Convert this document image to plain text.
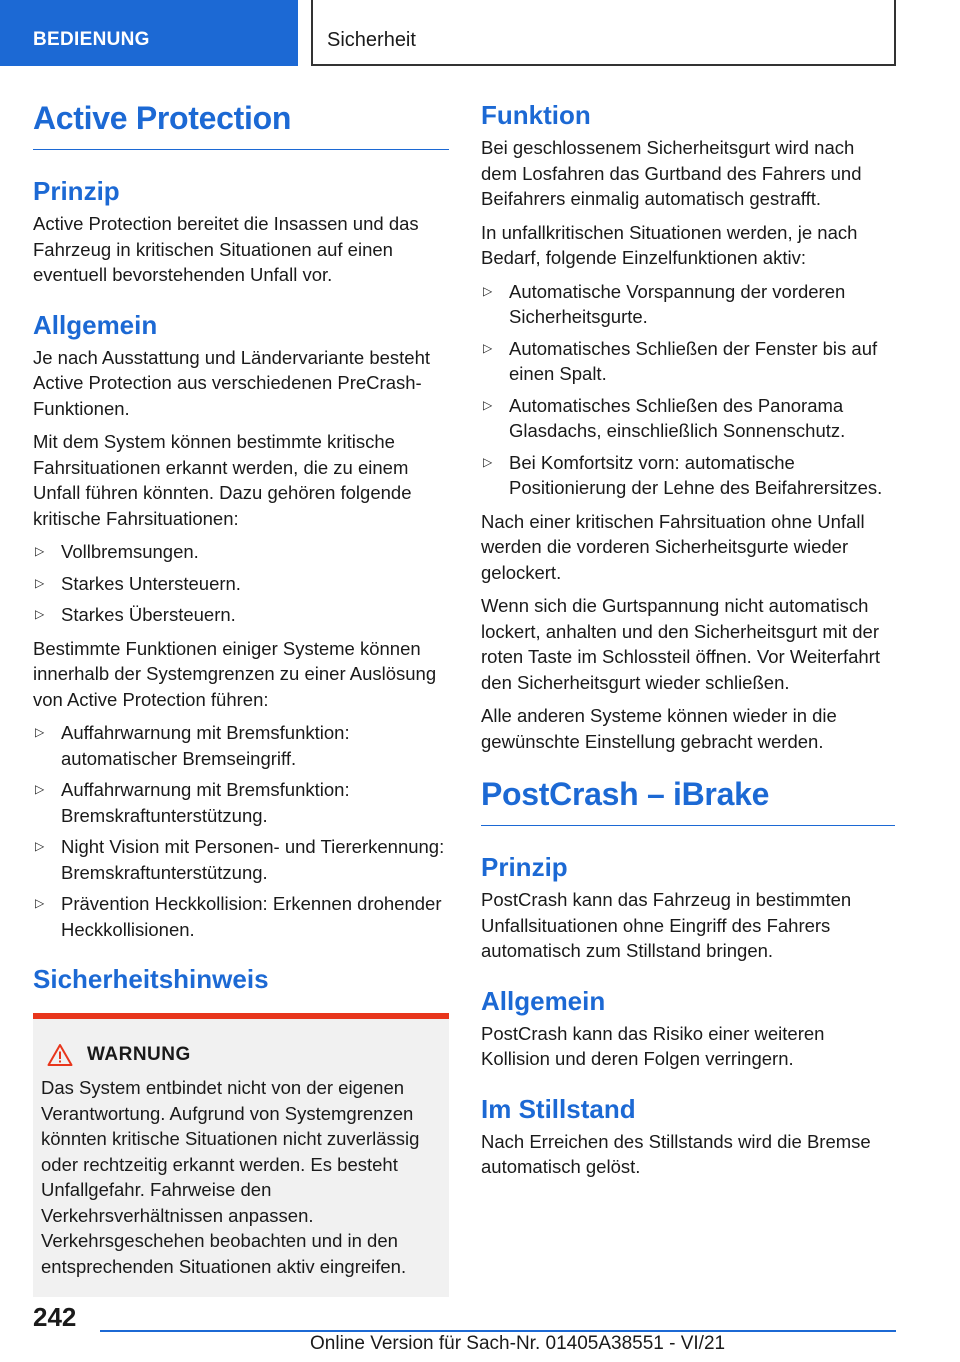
BEDIENUNG	Sicherheit
Active Protection
Prinzip

Active Protection bereitet die Insassen und das Fahrzeug in kritischen Situationen auf einen eventuell bevorstehenden Unfall vor.

Allgemein

Je nach Ausstattung und Ländervariante besteht Active Protection aus verschiedenen PreCrash-Funktionen.

Mit dem System können bestimmte kritische Fahrsituationen erkannt werden, die zu einem Unfall führen könnten. Dazu gehören folgende kritische Fahrsituationen:

▷ Vollbremsungen.
▷ Starkes Untersteuern.
▷ Starkes Übersteuern.

Bestimmte Funktionen einiger Systeme können innerhalb der Systemgrenzen zu einer Auslösung von Active Protection führen:

▷ Auffahrwarnung mit Bremsfunktion: automatischer Bremseingriff.
▷ Auffahrwarnung mit Bremsfunktion: Bremskraftunterstützung.
▷ Night Vision mit Personen- und Tiererkennung: Bremskraftunterstützung.
▷ Prävention Heckkollision: Erkennen drohender Heckkollisionen.
Sicherheitshinweis
WARNUNG

Das System entbindet nicht von der eigenen Verantwortung. Aufgrund von Systemgrenzen könnten kritische Situationen nicht zuverlässig oder rechtzeitig erkannt werden. Es besteht Unfallgefahr. Fahrweise den Verkehrsverhältnissen anpassen. Verkehrsgeschehen beobachten und in den entsprechenden Situationen aktiv eingreifen.

Funktion

Bei geschlossenem Sicherheitsgurt wird nach dem Losfahren das Gurtband des Fahrers und Beifahrers einmalig automatisch gestrafft.

In unfallkritischen Situationen werden, je nach Bedarf, folgende Einzelfunktionen aktiv:

▷ Automatische Vorspannung der vorderen Sicherheitsgurte.
▷ Automatisches Schließen der Fenster bis auf einen Spalt.
▷ Automatisches Schließen des Panorama Glasdachs, einschließlich Sonnenschutz.
▷ Bei Komfortsitz vorn: automatische Positionierung der Lehne des Beifahrersitzes.

Nach einer kritischen Fahrsituation ohne Unfall werden die vorderen Sicherheitsgurte wieder gelockert.

Wenn sich die Gurtspannung nicht automatisch lockert, anhalten und den Sicherheitsgurt mit der roten Taste im Schlossteil öffnen. Vor Weiterfahrt den Sicherheitsgurt wieder schließen.

Alle anderen Systeme können wieder in die gewünschte Einstellung gebracht werden.

PostCrash – iBrake
Prinzip

PostCrash kann das Fahrzeug in bestimmten Unfallsituationen ohne Eingriff des Fahrers automatisch zum Stillstand bringen.

Allgemein

PostCrash kann das Risiko einer weiteren Kollision und deren Folgen verringern.

Im Stillstand

Nach Erreichen des Stillstands wird die Bremse automatisch gelöst.

242
Online Version für Sach-Nr. 01405A38551 - VI/21
